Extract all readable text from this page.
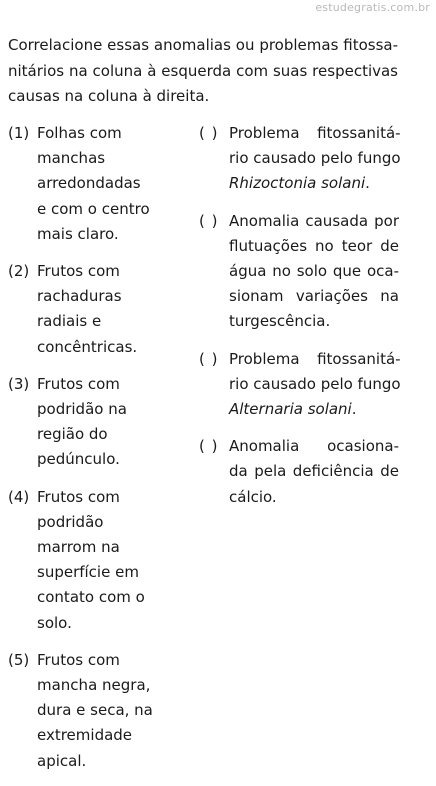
estudegratis.com.br
Correlacione essas anomalias ou problemas fitossa-
nitários na coluna à esquerda com suas respectivas
causas na coluna à direita.
(1) Folhas com
manchas
arredondadas
e com o centro
mais claro.
(2) Frutos com
rachaduras
radiais e
concêntricas.
(3) Frutos com
podridão na
região do
pedúnculo.
(4) Frutos com
podridão
marrom na
superfície em
contato com o
solo.
(5) Frutos com
mancha negra,
dura e seca, na
extremidade
apical.
( ) Problema fitossanitá-
rio causado pelo fungo
Rhizoctonia solani.
( ) Anomalia causada por
flutuações no teor de
água no solo que oca-
sionam variações na
turgescência.
( ) Problema fitossanitá-
rio causado pelo fungo
Alternaria solani.
( ) Anomalia ocasiona-
da pela deficiência de
cálcio.
